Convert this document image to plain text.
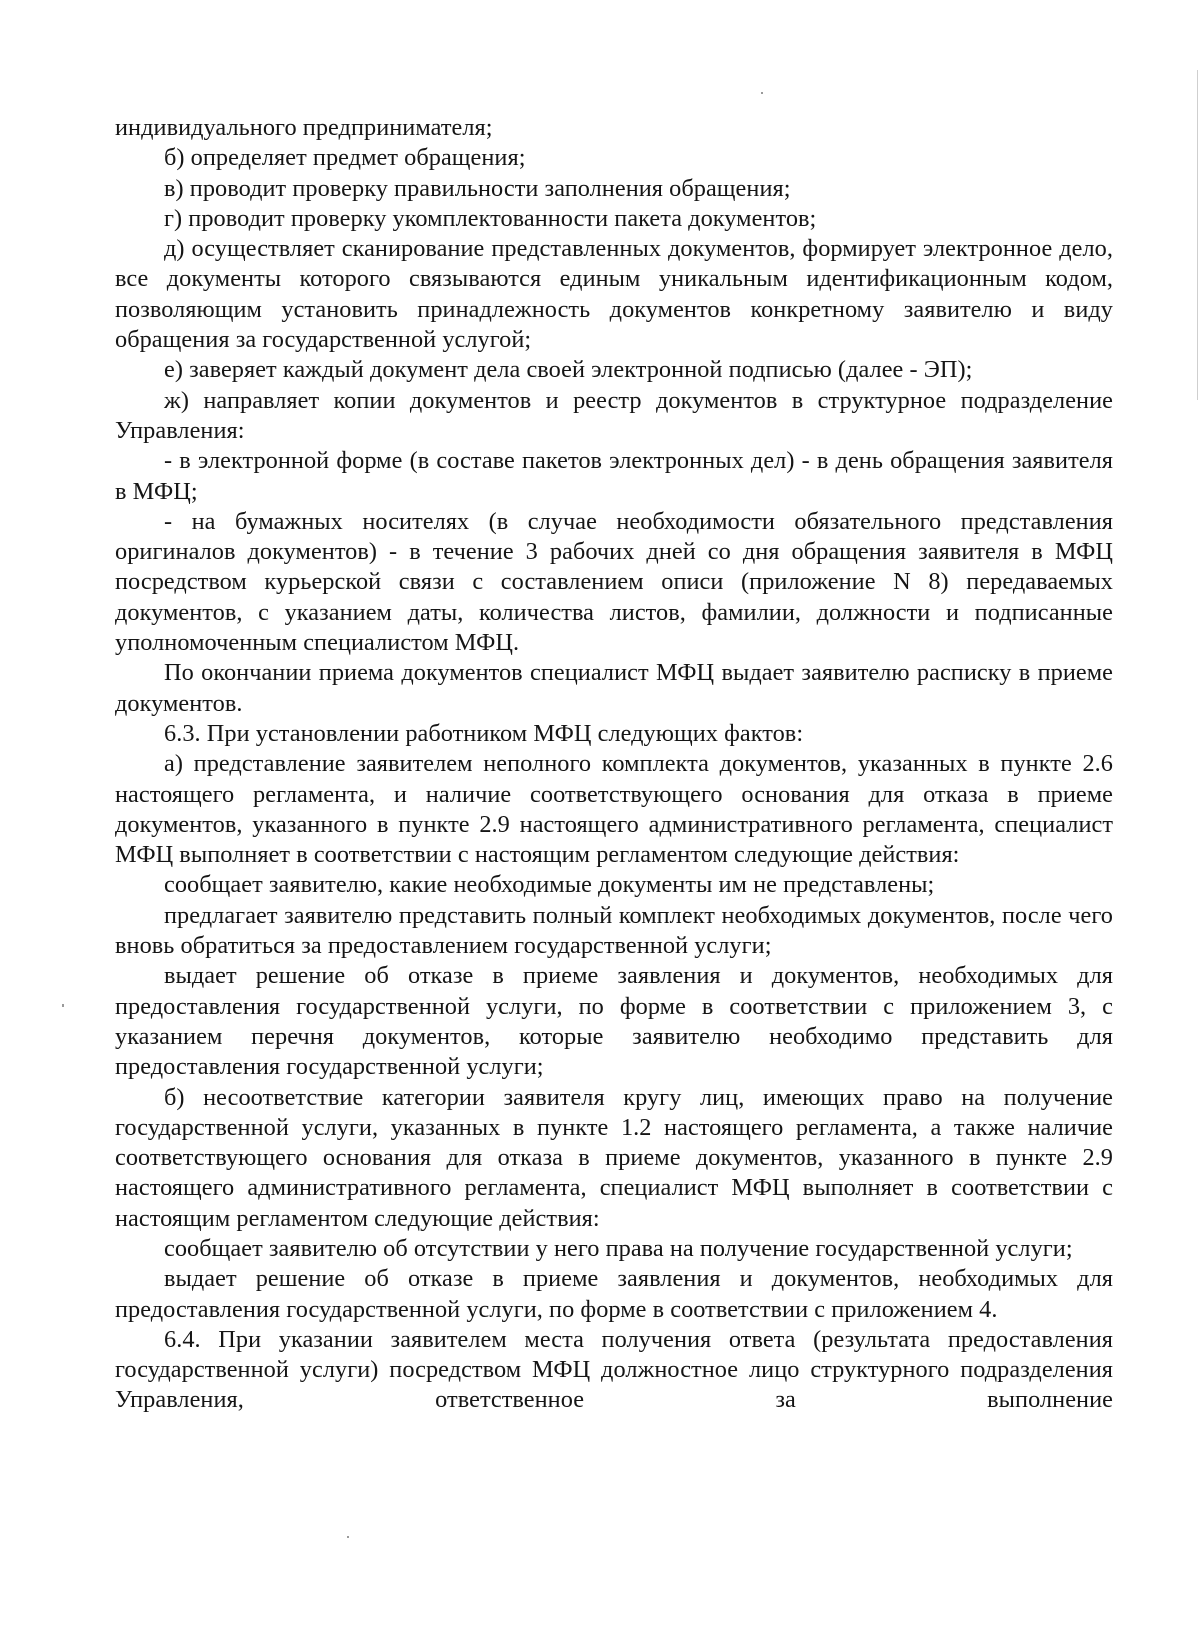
индивидуального предпринимателя;

б) определяет предмет обращения;

в) проводит проверку правильности заполнения обращения;

г) проводит проверку укомплектованности пакета документов;

д) осуществляет сканирование представленных документов, формирует электронное дело, все документы которого связываются единым уникальным идентификационным кодом, позволяющим установить принадлежность документов конкретному заявителю и виду обращения за государственной услугой;

е) заверяет каждый документ дела своей электронной подписью (далее - ЭП);

ж) направляет копии документов и реестр документов в структурное подразделение Управления:

- в электронной форме (в составе пакетов электронных дел) - в день обращения заявителя в МФЦ;

- на бумажных носителях (в случае необходимости обязательного представления оригиналов документов) - в течение 3 рабочих дней со дня обращения заявителя в МФЦ посредством курьерской связи с составлением описи (приложение N 8) передаваемых документов, с указанием даты, количества листов, фамилии, должности и подписанные уполномоченным специалистом МФЦ.

По окончании приема документов специалист МФЦ выдает заявителю расписку в приеме документов.

6.3. При установлении работником МФЦ следующих фактов:

а) представление заявителем неполного комплекта документов, указанных в пункте 2.6 настоящего регламента, и наличие соответствующего основания для отказа в приеме документов, указанного в пункте 2.9 настоящего административного регламента, специалист МФЦ выполняет в соответствии с настоящим регламентом следующие действия:

сообщает заявителю, какие необходимые документы им не представлены;

предлагает заявителю представить полный комплект необходимых документов, после чего вновь обратиться за предоставлением государственной услуги;

выдает решение об отказе в приеме заявления и документов, необходимых для предоставления государственной услуги, по форме в соответствии с приложением 3, с указанием перечня документов, которые заявителю необходимо представить для предоставления государственной услуги;

б) несоответствие категории заявителя кругу лиц, имеющих право на получение государственной услуги, указанных в пункте 1.2 настоящего регламента, а также наличие соответствующего основания для отказа в приеме документов, указанного в пункте 2.9 настоящего административного регламента, специалист МФЦ выполняет в соответствии с настоящим регламентом следующие действия:

сообщает заявителю об отсутствии у него права на получение государственной услуги;

выдает решение об отказе в приеме заявления и документов, необходимых для предоставления государственной услуги, по форме в соответствии с приложением 4.

6.4. При указании заявителем места получения ответа (результата предоставления государственной услуги) посредством МФЦ должностное лицо структурного подразделения Управления, ответственное за выполнение
